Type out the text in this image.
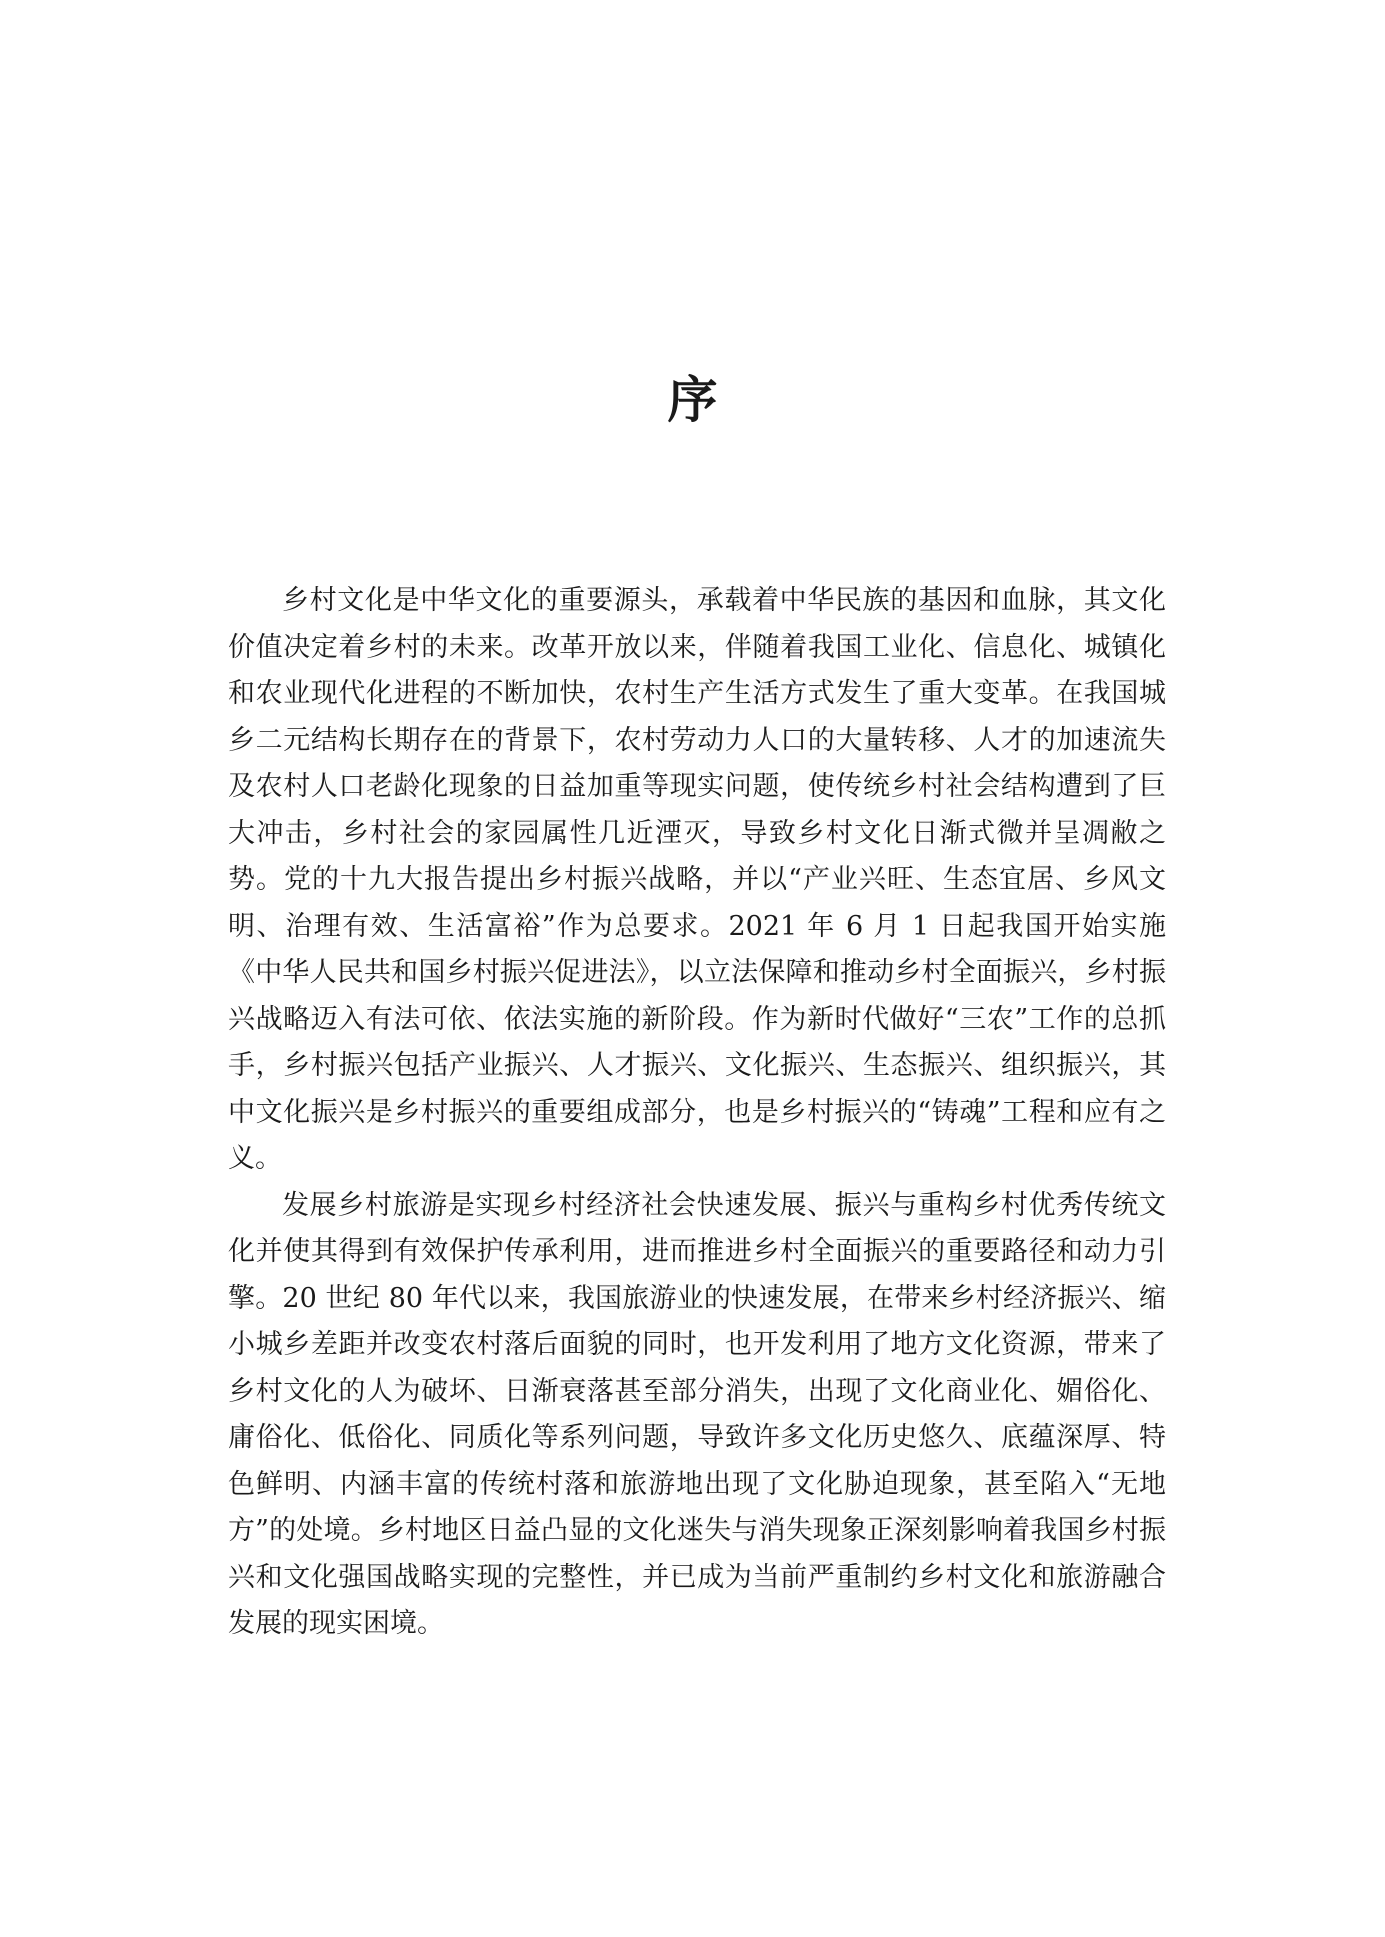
序

乡村文化是中华文化的重要源头，承载着中华民族的基因和血脉，其文化价值决定着乡村的未来。改革开放以来，伴随着我国工业化、信息化、城镇化和农业现代化进程的不断加快，农村生产生活方式发生了重大变革。在我国城乡二元结构长期存在的背景下，农村劳动力人口的大量转移、人才的加速流失及农村人口老龄化现象的日益加重等现实问题，使传统乡村社会结构遭到了巨大冲击，乡村社会的家园属性几近湮灭，导致乡村文化日渐式微并呈凋敝之势。党的十九大报告提出乡村振兴战略，并以“产业兴旺、生态宜居、乡风文明、治理有效、生活富裕”作为总要求。2021 年 6 月 1 日起我国开始实施《中华人民共和国乡村振兴促进法》，以立法保障和推动乡村全面振兴，乡村振兴战略迈入有法可依、依法实施的新阶段。作为新时代做好“三农”工作的总抓手，乡村振兴包括产业振兴、人才振兴、文化振兴、生态振兴、组织振兴，其中文化振兴是乡村振兴的重要组成部分，也是乡村振兴的“铸魂”工程和应有之义。

发展乡村旅游是实现乡村经济社会快速发展、振兴与重构乡村优秀传统文化并使其得到有效保护传承利用，进而推进乡村全面振兴的重要路径和动力引擎。20 世纪 80 年代以来，我国旅游业的快速发展，在带来乡村经济振兴、缩小城乡差距并改变农村落后面貌的同时，也开发利用了地方文化资源，带来了乡村文化的人为破坏、日渐衰落甚至部分消失，出现了文化商业化、媚俗化、庸俗化、低俗化、同质化等系列问题，导致许多文化历史悠久、底蕴深厚、特色鲜明、内涵丰富的传统村落和旅游地出现了文化胁迫现象，甚至陷入“无地方”的处境。乡村地区日益凸显的文化迷失与消失现象正深刻影响着我国乡村振兴和文化强国战略实现的完整性，并已成为当前严重制约乡村文化和旅游融合发展的现实困境。
